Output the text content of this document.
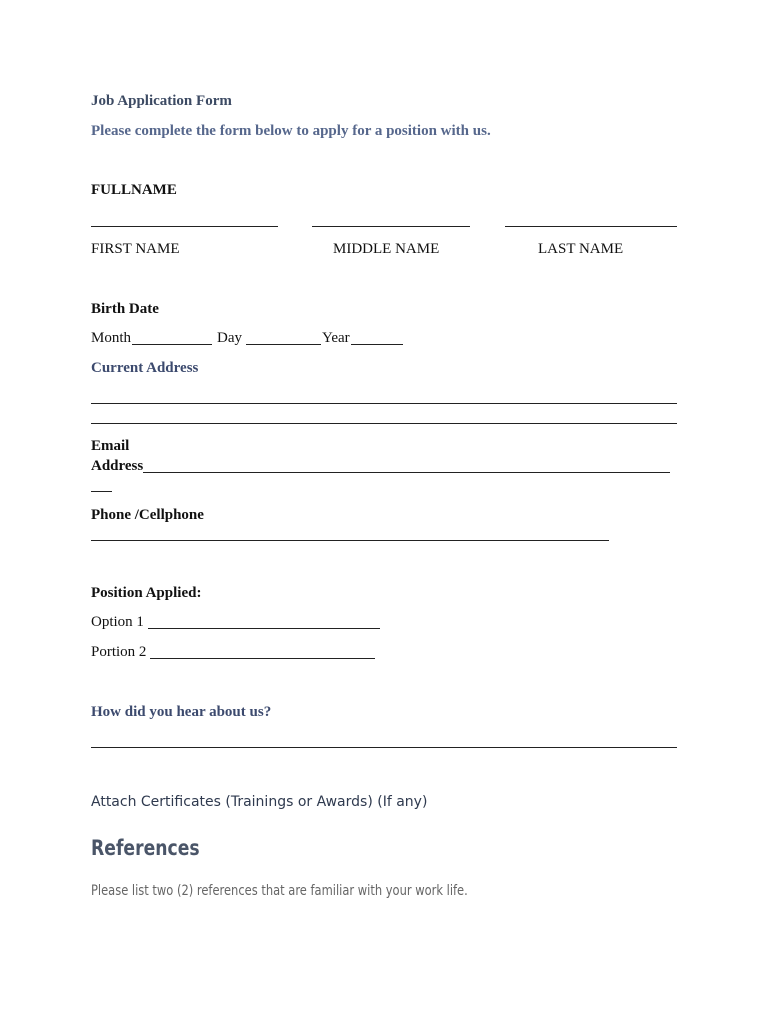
Job Application Form
Please complete the form below to apply for a position with us.
FULLNAME
FIRST NAME	MIDDLE NAME	LAST NAME
Birth Date
Month	Day	Year
Current Address
Email
Address
Phone /Cellphone
Position Applied:
Option 1
Portion 2
How did you hear about us?
Attach Certificates (Trainings or Awards) (If any)
References
Please list two (2) references that are familiar with your work life.
